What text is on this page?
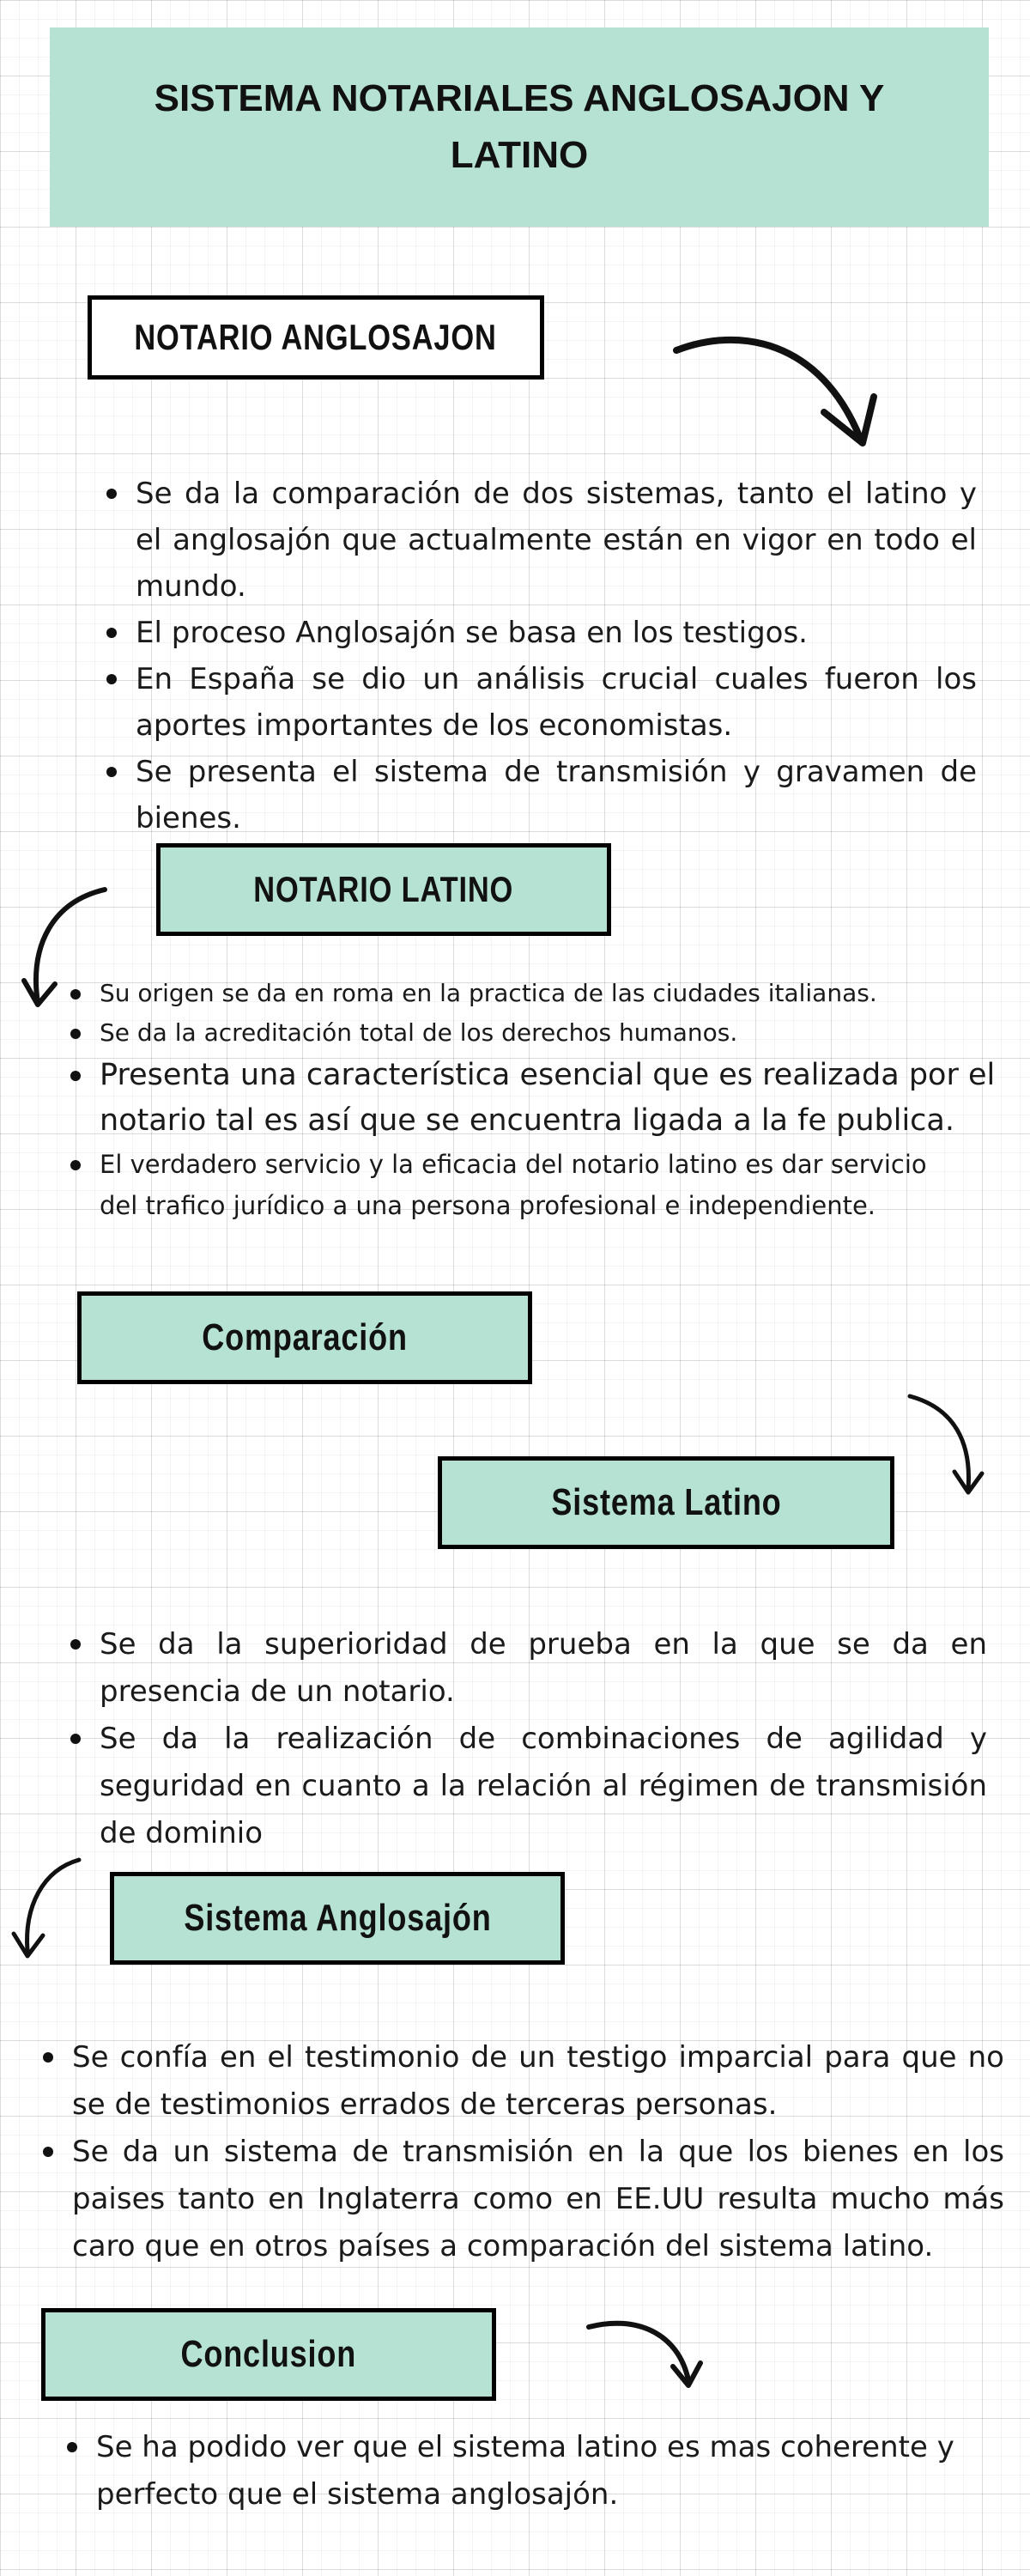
SISTEMA NOTARIALES ANGLOSAJON Y LATINO
NOTARIO ANGLOSAJON
Se da la comparación de dos sistemas, tanto el latino y el anglosajón que actualmente están en vigor en todo el mundo.
El proceso Anglosajón se basa en los testigos.
En España se dio un análisis crucial cuales fueron los aportes importantes de los economistas.
Se presenta el sistema de transmisión y gravamen de bienes.
NOTARIO LATINO
Su origen se da en roma en la practica de las ciudades italianas.
Se da la acreditación total de los derechos humanos.
Presenta una característica esencial que es realizada por el
notario tal es así que se encuentra ligada a la fe publica.
El verdadero servicio y la eficacia del notario latino es dar servicio
del trafico jurídico a una persona profesional e independiente.
Comparación
Sistema Latino
Se da la superioridad de prueba en la que se da en presencia de un notario.
Se da la realización de combinaciones de agilidad y seguridad en cuanto a la relación al régimen de transmisión de dominio
Sistema Anglosajón
Se confía en el testimonio de un testigo imparcial para que no se de testimonios errados de terceras personas.
Se da un sistema de transmisión en la que los bienes en los paises tanto en Inglaterra como en EE.UU resulta mucho más caro que en otros países a comparación del sistema latino.
Conclusion
Se ha podido ver que el sistema latino es mas coherente y perfecto que el sistema anglosajón.
